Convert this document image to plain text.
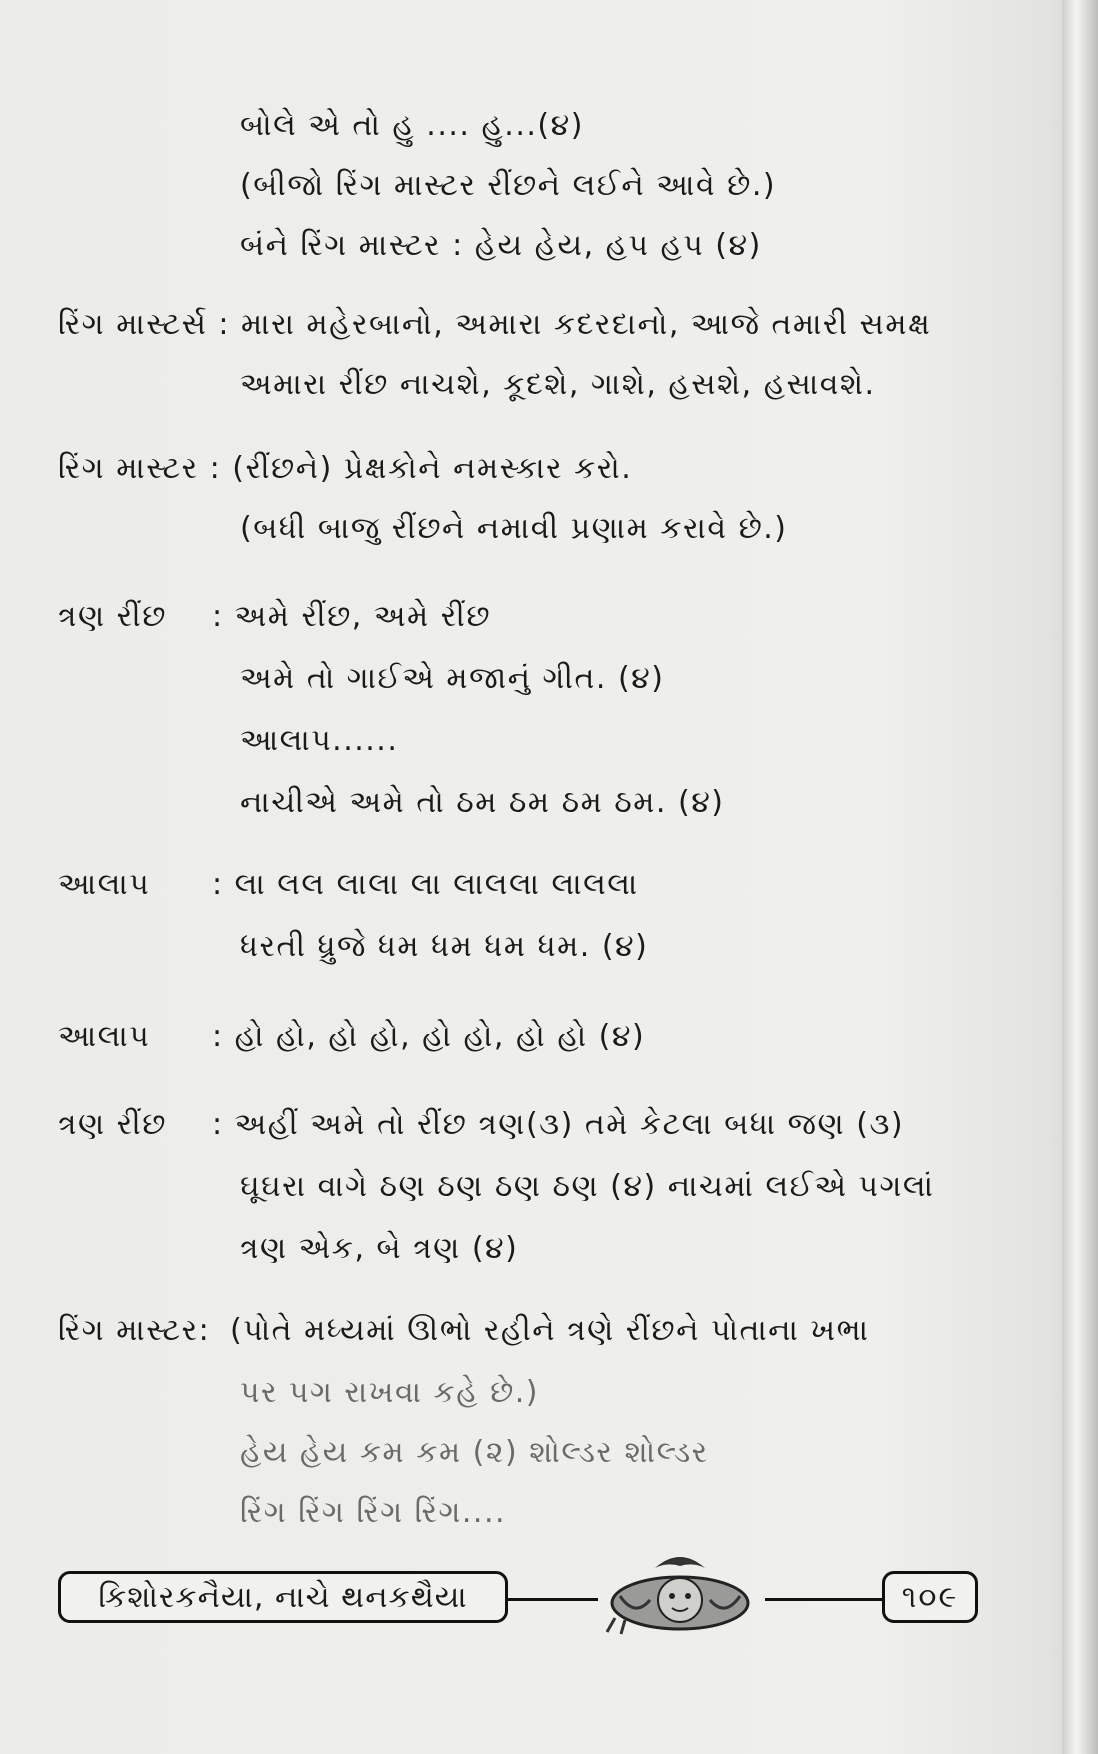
બોલે એ તો હુ .... હુ...(૪)
(બીજો રિંગ માસ્ટર રીંછને લઈને આવે છે.)
બંને રિંગ માસ્ટર : હેય હેય, હપ હપ (૪)
રિંગ માસ્ટર્સ : મારા મહેરબાનો, અમારા કદરદાનો, આજે તમારી સમક્ષ
અમારા રીંછ નાચશે, કૂદશે, ગાશે, હસશે, હસાવશે.
રિંગ માસ્ટર : (રીંછને) પ્રેક્ષકોને નમસ્કાર કરો.
(બધી બાજુ રીંછને નમાવી પ્રણામ કરાવે છે.)
ત્રણ રીંછ : અમે રીંછ, અમે રીંછ
અમે તો ગાઈએ મજાનું ગીત. (૪)
આલાપ......
નાચીએ અમે તો ઠમ ઠમ ઠમ ઠમ. (૪)
આલાપ : લા લલ લાલા લા લાલલા લાલલા
ધરતી ધ્રુજે ધમ ધમ ધમ ધમ. (૪)
આલાપ : હો હો, હો હો, હો હો, હો હો (૪)
ત્રણ રીંછ : અહીં અમે તો રીંછ ત્રણ(૩) તમે કેટલા બધા જણ (૩)
ઘૂઘરા વાગે ઠણ ઠણ ઠણ ઠણ (૪) નાચમાં લઈએ પગલાં
ત્રણ એક, બે ત્રણ (૪)
રિંગ માસ્ટર: (પોતે મધ્યમાં ઊભો રહીને ત્રણે રીંછને પોતાના ખભા
પર પગ રાખવા કહે છે.)
હેય હેય કમ કમ (૨) શોલ્ડર શોલ્ડર
રિંગ રિંગ રિંગ રિંગ....
કિશોરકનૈયા, નાચે થનકથૈયા	૧૦૯
